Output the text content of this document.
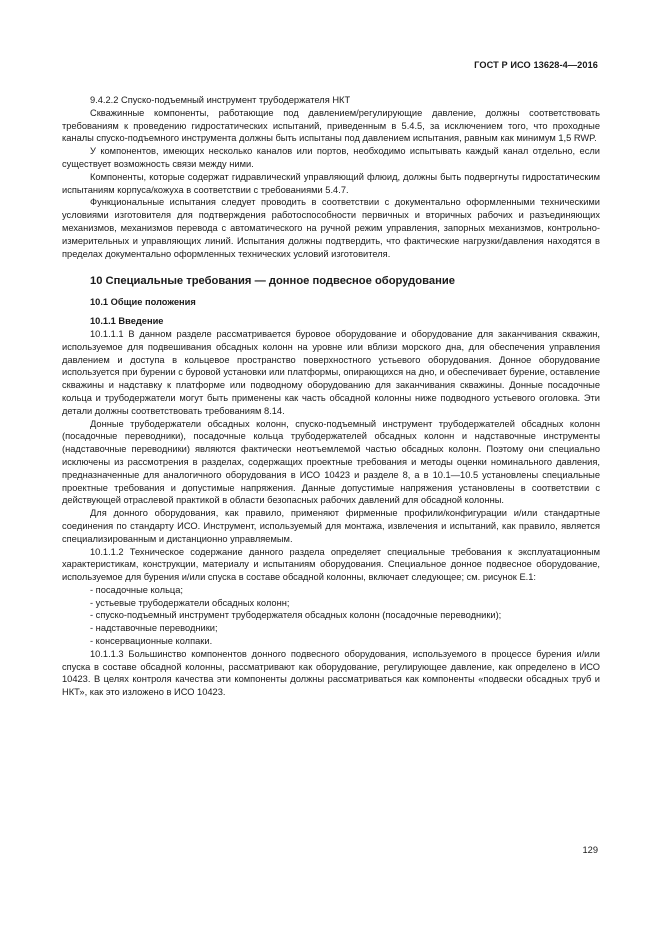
ГОСТ Р ИСО 13628-4—2016

9.4.2.2 Спуско-подъемный инструмент трубодержателя НКТ

Скважинные компоненты, работающие под давлением/регулирующие давление, должны соответствовать требованиям к проведению гидростатических испытаний, приведенным в 5.4.5, за исключением того, что проходные каналы спуско-подъемного инструмента должны быть испытаны под давлением испытания, равным как минимум 1,5 RWP.

У компонентов, имеющих несколько каналов или портов, необходимо испытывать каждый канал отдельно, если существует возможность связи между ними.

Компоненты, которые содержат гидравлический управляющий флюид, должны быть подвергнуты гидростатическим испытаниям корпуса/кожуха в соответствии с требованиями 5.4.7.

Функциональные испытания следует проводить в соответствии с документально оформленными техническими условиями изготовителя для подтверждения работоспособности первичных и вторичных рабочих и разъединяющих механизмов, механизмов перевода с автоматического на ручной режим управления, запорных механизмов, контрольно-измерительных и управляющих линий. Испытания должны подтвердить, что фактические нагрузки/давления находятся в пределах документально оформленных технических условий изготовителя.

10 Специальные требования — донное подвесное оборудование
10.1 Общие положения
10.1.1 Введение

10.1.1.1 В данном разделе рассматривается буровое оборудование и оборудование для заканчивания скважин, используемое для подвешивания обсадных колонн на уровне или вблизи морского дна, для обеспечения управления давлением и доступа в кольцевое пространство поверхностного устьевого оборудования. Донное оборудование используется при бурении с буровой установки или платформы, опирающихся на дно, и обеспечивает бурение, оставление скважины и надставку к платформе или подводному оборудованию для заканчивания скважины. Донные посадочные кольца и трубодержатели могут быть применены как часть обсадной колонны ниже подводного устьевого оголовка. Эти детали должны соответствовать требованиям 8.14.

Донные трубодержатели обсадных колонн, спуско-подъемный инструмент трубодержателей обсадных колонн (посадочные переводники), посадочные кольца трубодержателей обсадных колонн и надставочные инструменты (надставочные переводники) являются фактически неотъемлемой частью обсадных колонн. Поэтому они специально исключены из рассмотрения в разделах, содержащих проектные требования и методы оценки номинального давления, предназначенные для аналогичного оборудования в ИСО 10423 и разделе 8, а в 10.1—10.5 установлены специальные проектные требования и допустимые напряжения. Данные допустимые напряжения установлены в соответствии с действующей отраслевой практикой в области безопасных рабочих давлений для обсадной колонны.

Для донного оборудования, как правило, применяют фирменные профили/конфигурации и/или стандартные соединения по стандарту ИСО. Инструмент, используемый для монтажа, извлечения и испытаний, как правило, является специализированным и дистанционно управляемым.

10.1.1.2 Техническое содержание данного раздела определяет специальные требования к эксплуатационным характеристикам, конструкции, материалу и испытаниям оборудования. Специальное донное подвесное оборудование, используемое для бурения и/или спуска в составе обсадной колонны, включает следующее; см. рисунок Е.1:

- посадочные кольца;
- устьевые трубодержатели обсадных колонн;
- спуско-подъемный инструмент трубодержателя обсадных колонн (посадочные переводники);
- надставочные переводники;
- консервационные колпаки.

10.1.1.3 Большинство компонентов донного подвесного оборудования, используемого в процессе бурения и/или спуска в составе обсадной колонны, рассматривают как оборудование, регулирующее давление, как определено в ИСО 10423. В целях контроля качества эти компоненты должны рассматриваться как компоненты «подвески обсадных труб и НКТ», как это изложено в ИСО 10423.

129
